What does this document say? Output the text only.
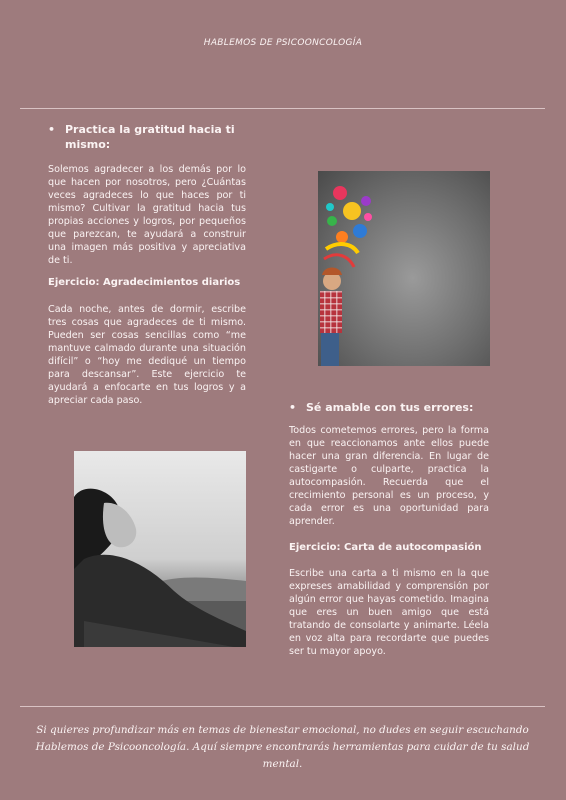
HABLEMOS DE PSICOONCOLOGÍA
• Practica la gratitud hacia ti mismo:

Solemos agradecer a los demás por lo que hacen por nosotros, pero ¿Cuántas veces agradeces lo que haces por ti mismo? Cultivar la gratitud hacia tus propias acciones y logros, por pequeños que parezcan, te ayudará a construir una imagen más positiva y apreciativa de ti.

Ejercicio: Agradecimientos diarios

Cada noche, antes de dormir, escribe tres cosas que agradeces de ti mismo. Pueden ser cosas sencillas como “me mantuve calmado durante una situación difícil” o “hoy me dediqué un tiempo para descansar”. Este ejercicio te ayudará a enfocarte en tus logros y a apreciar cada paso.

• Sé amable con tus errores:

Todos cometemos errores, pero la forma en que reaccionamos ante ellos puede hacer una gran diferencia. En lugar de castigarte o culparte, practica la autocompasión. Recuerda que el crecimiento personal es un proceso, y cada error es una oportunidad para aprender.

Ejercicio: Carta de autocompasión

Escribe una carta a ti mismo en la que expreses amabilidad y comprensión por algún error que hayas cometido. Imagina que eres un buen amigo que está tratando de consolarte y animarte. Léela en voz alta para recordarte que puedes ser tu mayor apoyo.

Si quieres profundizar más en temas de bienestar emocional, no dudes en seguir escuchando
Hablemos de Psicooncología. Aquí siempre encontrarás herramientas para cuidar de tu salud mental.
